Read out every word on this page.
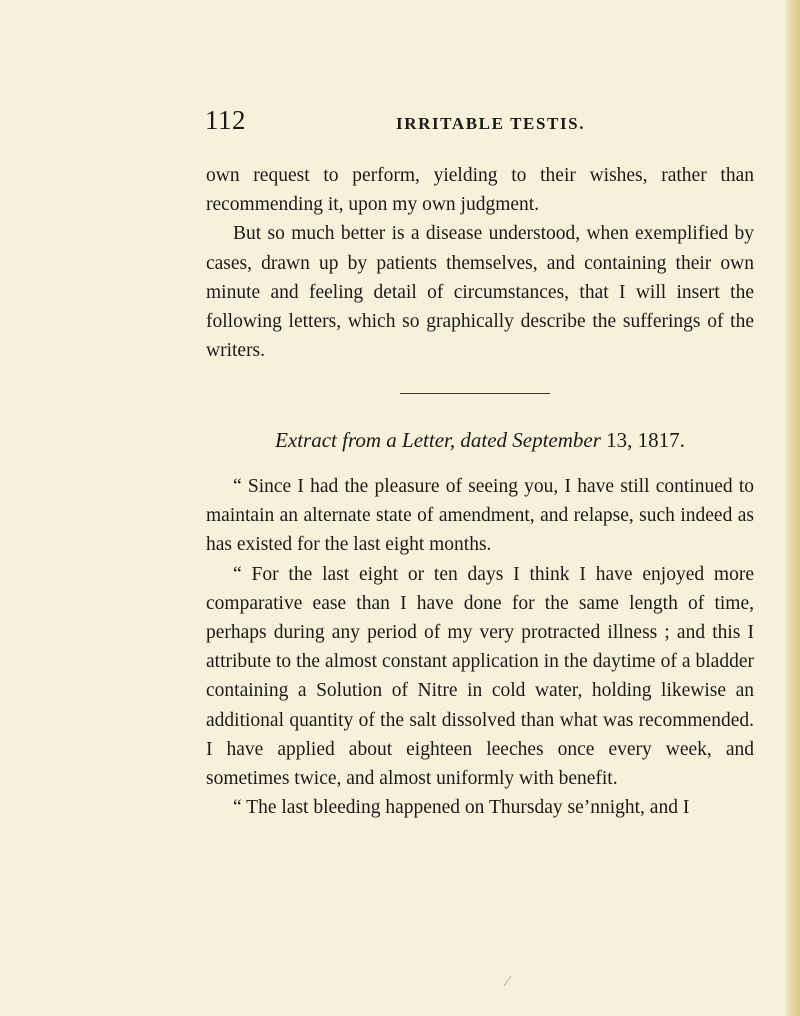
112	IRRITABLE TESTIS.

own request to perform, yielding to their wishes, rather than recommending it, upon my own judgment.

But so much better is a disease understood, when exemplified by cases, drawn up by patients themselves, and containing their own minute and feeling detail of circumstances, that I will insert the following letters, which so graphically describe the sufferings of the writers.

Extract from a Letter, dated September 13, 1817.

“ Since I had the pleasure of seeing you, I have still continued to maintain an alternate state of amendment, and relapse, such indeed as has existed for the last eight months.

“ For the last eight or ten days I think I have enjoyed more comparative ease than I have done for the same length of time, perhaps during any period of my very protracted illness ; and this I attribute to the almost constant application in the daytime of a bladder containing a Solution of Nitre in cold water, holding likewise an additional quantity of the salt dissolved than what was recommended. I have applied about eighteen leeches once every week, and sometimes twice, and almost uniformly with benefit.

“ The last bleeding happened on Thursday se’nnight, and I
